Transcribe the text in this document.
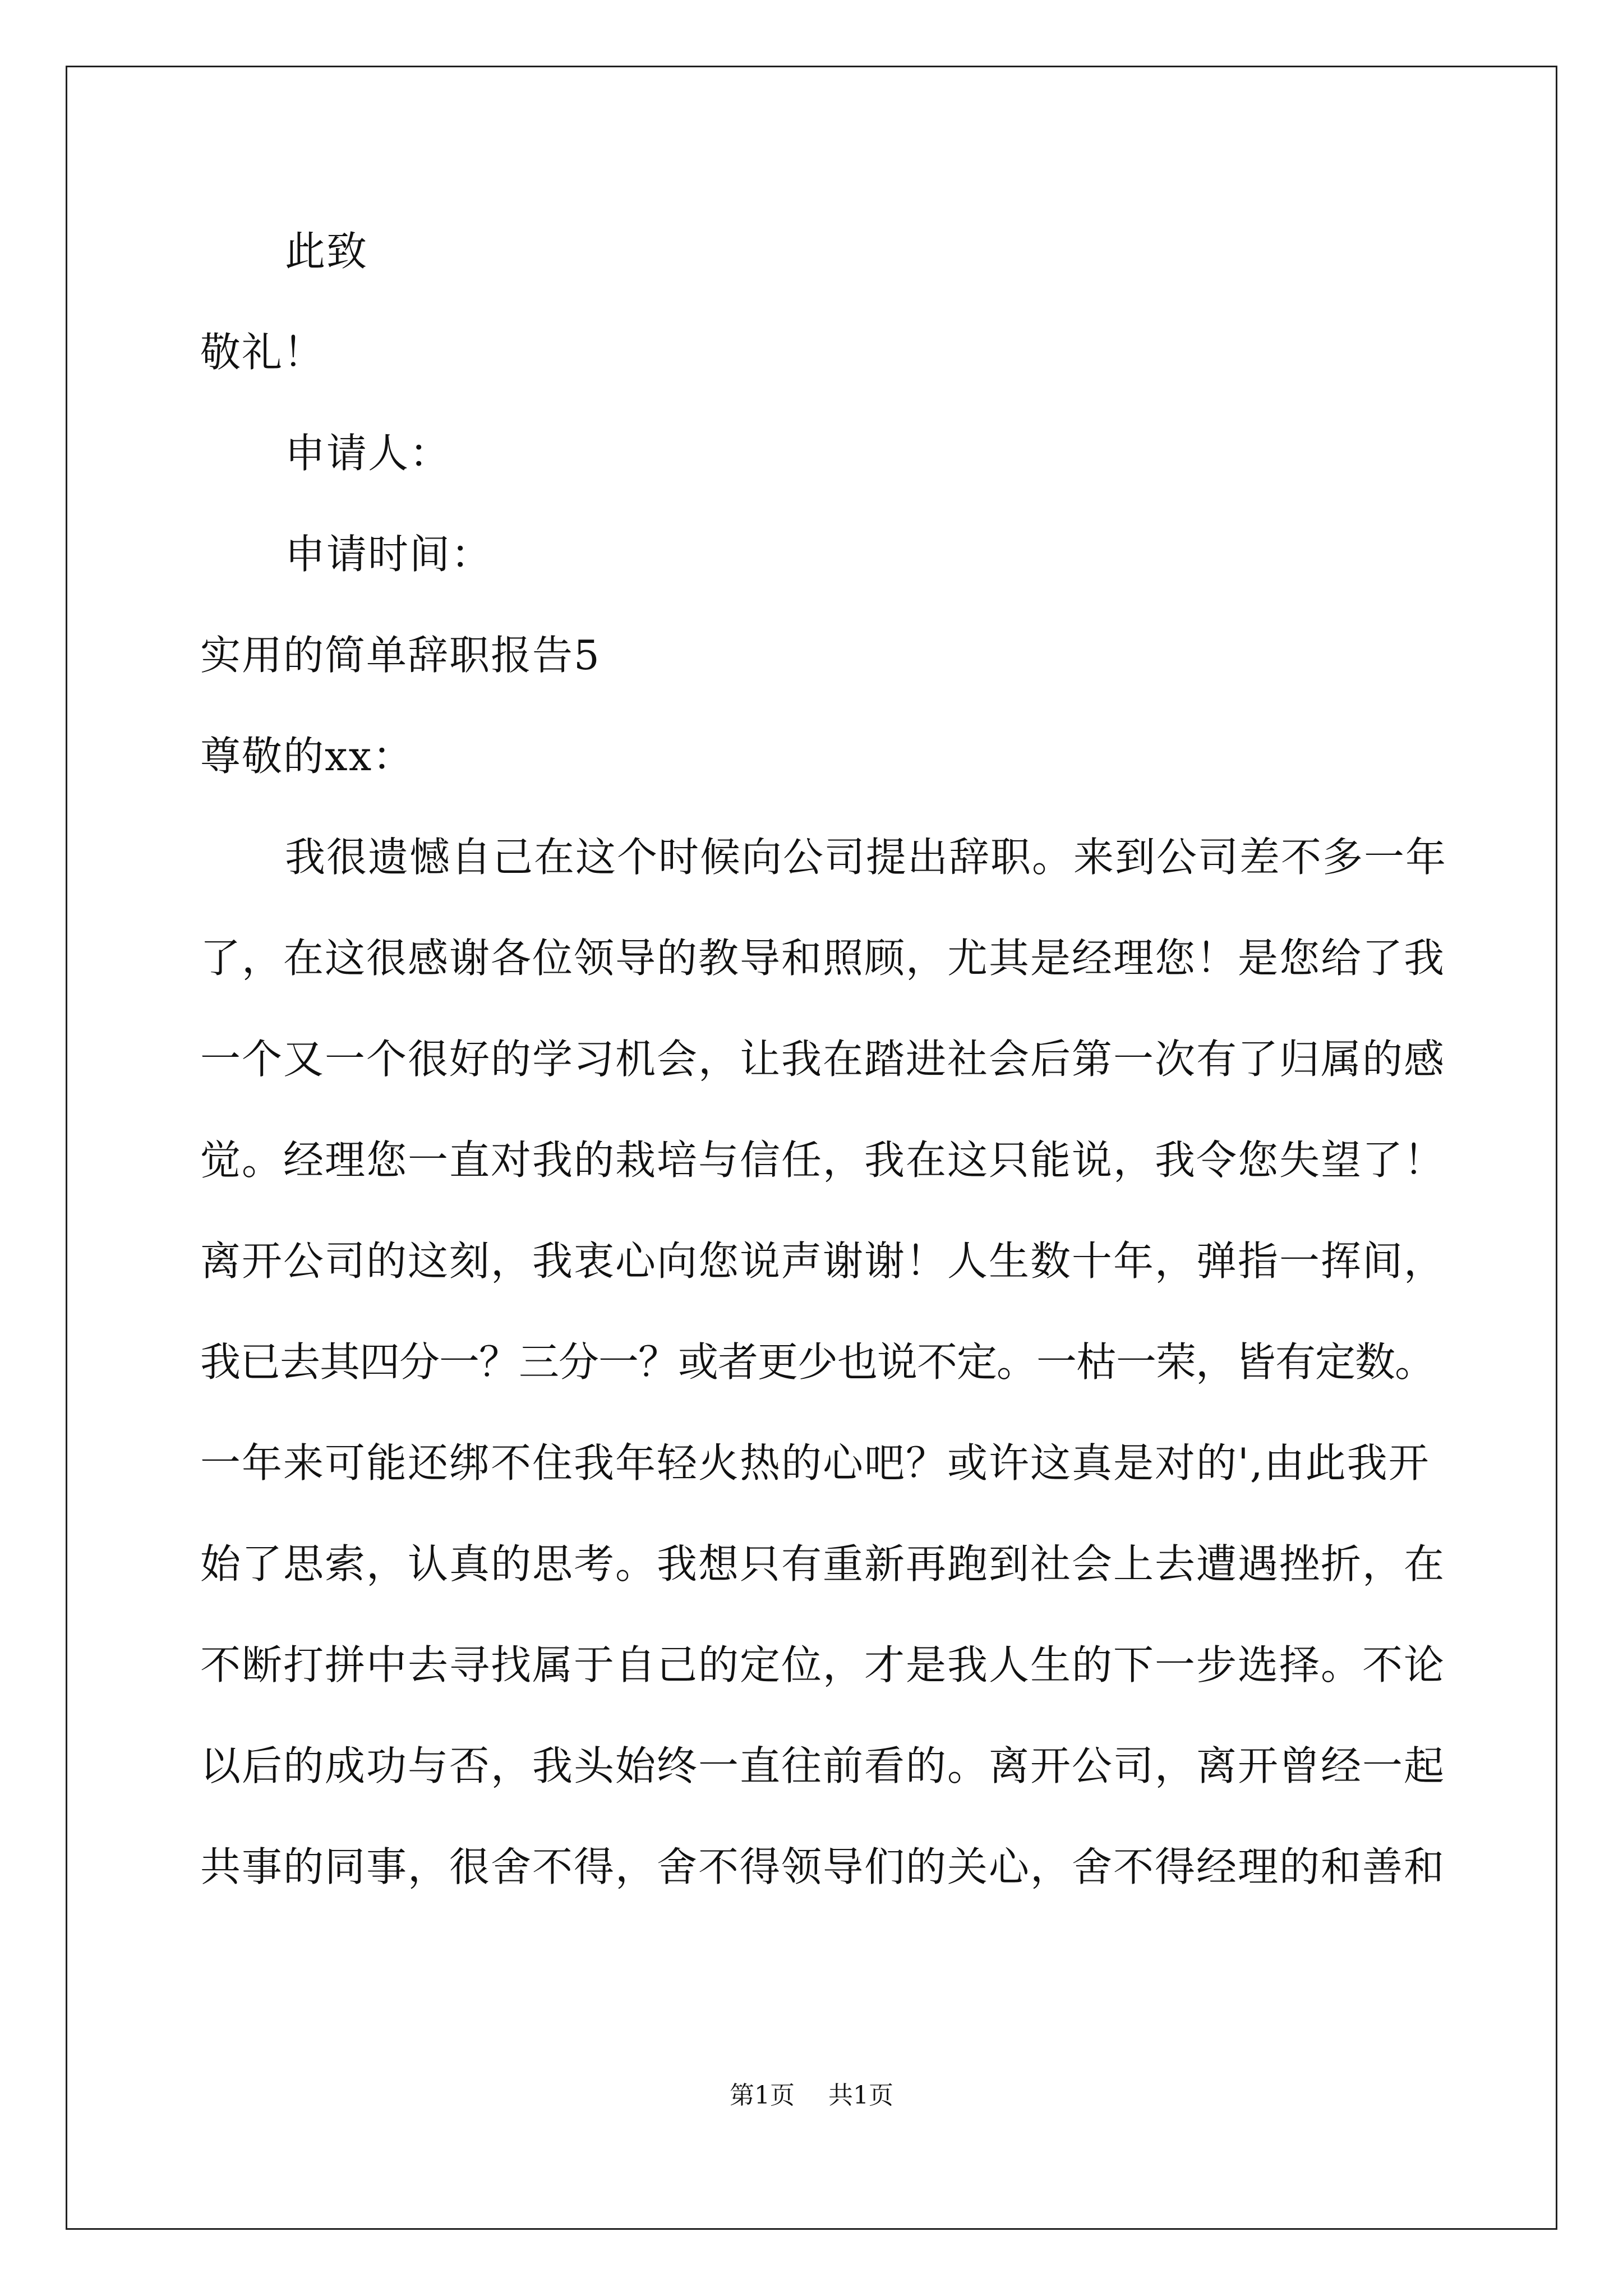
此致
敬礼！
申请人：
申请时间：
实用的简单辞职报告5
尊敬的xx：
我很遗憾自己在这个时候向公司提出辞职。来到公司差不多一年
了，在这很感谢各位领导的教导和照顾，尤其是经理您！是您给了我
一个又一个很好的学习机会，让我在踏进社会后第一次有了归属的感
觉。经理您一直对我的栽培与信任，我在这只能说，我令您失望了！
离开公司的这刻，我衷心向您说声谢谢！人生数十年，弹指一挥间，
我已去其四分一？三分一？或者更少也说不定。一枯一荣，皆有定数。
一年来可能还绑不住我年轻火热的心吧？或许这真是对的',由此我开
始了思索，认真的思考。我想只有重新再跑到社会上去遭遇挫折，在
不断打拼中去寻找属于自己的定位，才是我人生的下一步选择。不论
以后的成功与否，我头始终一直往前看的。离开公司，离开曾经一起
共事的同事，很舍不得，舍不得领导们的关心，舍不得经理的和善和
第1页 共1页
